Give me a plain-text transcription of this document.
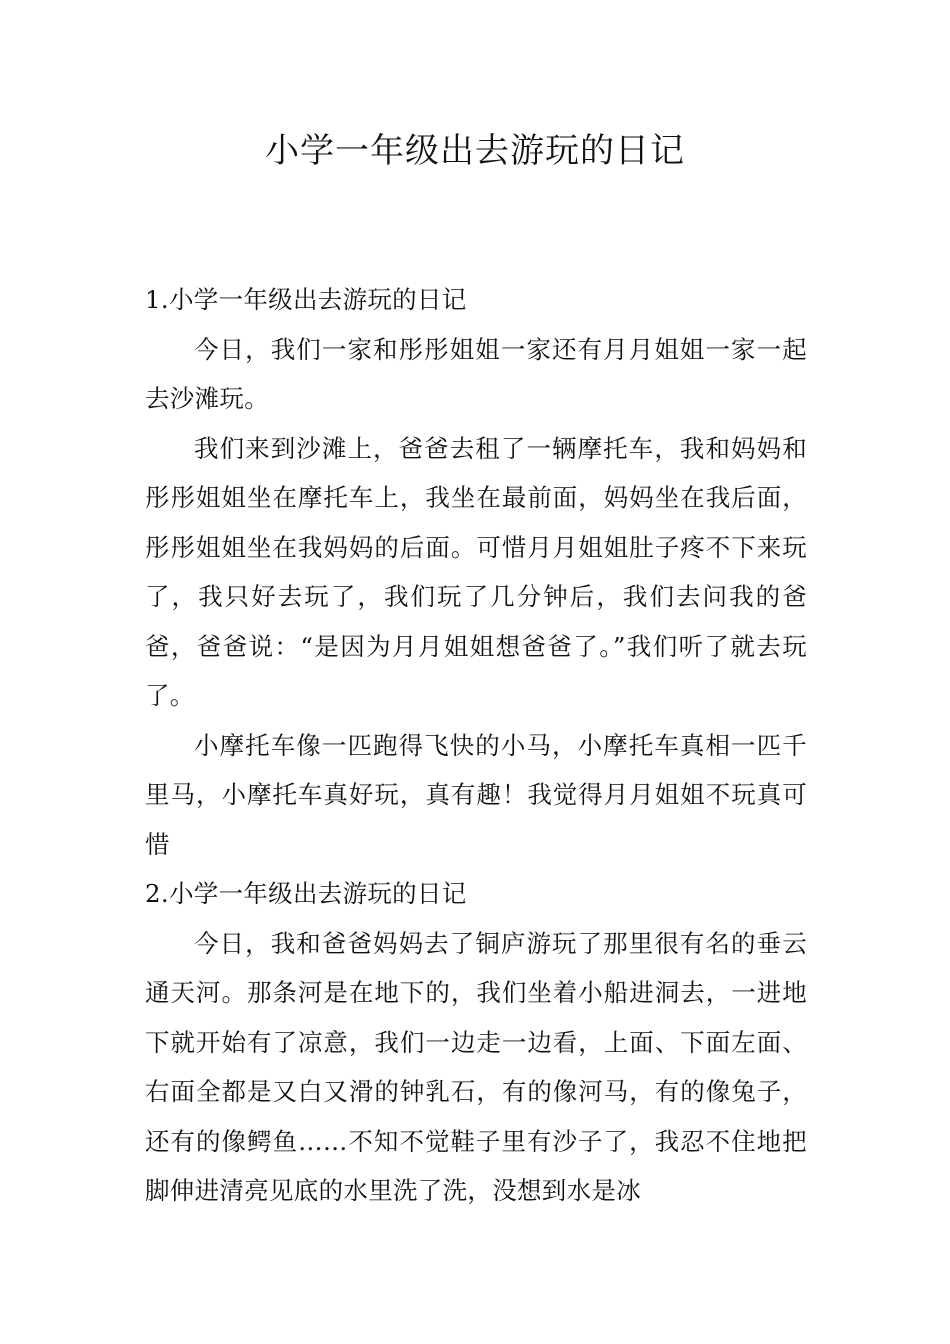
小学一年级出去游玩的日记

1.小学一年级出去游玩的日记

今日，我们一家和彤彤姐姐一家还有月月姐姐一家一起去沙滩玩。

我们来到沙滩上，爸爸去租了一辆摩托车，我和妈妈和彤彤姐姐坐在摩托车上，我坐在最前面，妈妈坐在我后面，彤彤姐姐坐在我妈妈的后面。可惜月月姐姐肚子疼不下来玩了，我只好去玩了，我们玩了几分钟后，我们去问我的爸爸，爸爸说：“是因为月月姐姐想爸爸了。”我们听了就去玩了。

小摩托车像一匹跑得飞快的小马，小摩托车真相一匹千里马，小摩托车真好玩，真有趣！我觉得月月姐姐不玩真可惜

2.小学一年级出去游玩的日记

今日，我和爸爸妈妈去了铜庐游玩了那里很有名的垂云通天河。那条河是在地下的，我们坐着小船进洞去，一进地下就开始有了凉意，我们一边走一边看，上面、下面左面、右面全都是又白又滑的钟乳石，有的像河马，有的像兔子，还有的像鳄鱼……不知不觉鞋子里有沙子了，我忍不住地把脚伸进清亮见底的水里洗了洗，没想到水是冰
